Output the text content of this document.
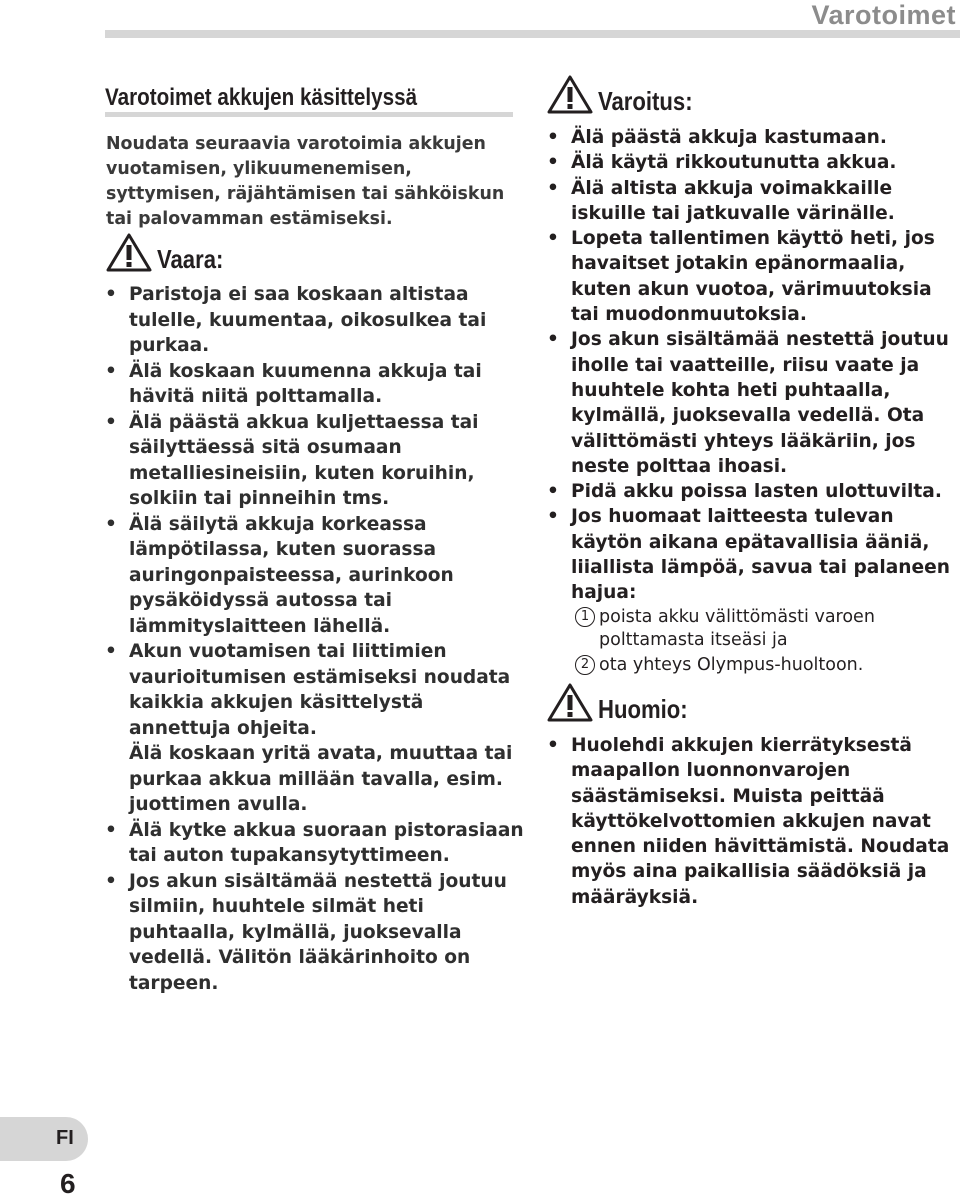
Varotoimet
Varotoimet akkujen käsittelyssä
Noudata seuraavia varotoimia akkujen vuotamisen, ylikuumenemisen, syttymisen, räjähtämisen tai sähköiskun tai palovamman estämiseksi.
Vaara:
• Paristoja ei saa koskaan altistaa tulelle, kuumentaa, oikosulkea tai purkaa.
• Älä koskaan kuumenna akkuja tai hävitä niitä polttamalla.
• Älä päästä akkua kuljettaessa tai säilyttäessä sitä osumaan metalliesineisiin, kuten koruihin, solkiin tai pinneihin tms.
• Älä säilytä akkuja korkeassa lämpötilassa, kuten suorassa auringonpaisteessa, aurinkoon pysäköidyssä autossa tai lämmityslaitteen lähellä.
• Akun vuotamisen tai liittimien vaurioitumisen estämiseksi noudata kaikkia akkujen käsittelystä annettuja ohjeita.
Älä koskaan yritä avata, muuttaa tai purkaa akkua millään tavalla, esim. juottimen avulla.
• Älä kytke akkua suoraan pistorasiaan tai auton tupakansytyttimeen.
• Jos akun sisältämää nestettä joutuu silmiin, huuhtele silmät heti puhtaalla, kylmällä, juoksevalla vedellä. Välitön lääkärinhoito on tarpeen.
Varoitus:
• Älä päästä akkuja kastumaan.
• Älä käytä rikkoutunutta akkua.
• Älä altista akkuja voimakkaille iskuille tai jatkuvalle värinälle.
• Lopeta tallentimen käyttö heti, jos havaitset jotakin epänormaalia, kuten akun vuotoa, värimuutoksia tai muodonmuutoksia.
• Jos akun sisältämää nestettä joutuu iholle tai vaatteille, riisu vaate ja huuhtele kohta heti puhtaalla, kylmällä, juoksevalla vedellä. Ota välittömästi yhteys lääkäriin, jos neste polttaa ihoasi.
• Pidä akku poissa lasten ulottuvilta.
• Jos huomaat laitteesta tulevan käytön aikana epätavallisia ääniä, liiallista lämpöä, savua tai palaneen hajua:
1 poista akku välittömästi varoen polttamasta itseäsi ja
2 ota yhteys Olympus-huoltoon.
Huomio:
• Huolehdi akkujen kierrätyksestä maapallon luonnonvarojen säästämiseksi. Muista peittää käyttökelvottomien akkujen navat ennen niiden hävittämistä. Noudata myös aina paikallisia säädöksiä ja määräyksiä.
FI
6
